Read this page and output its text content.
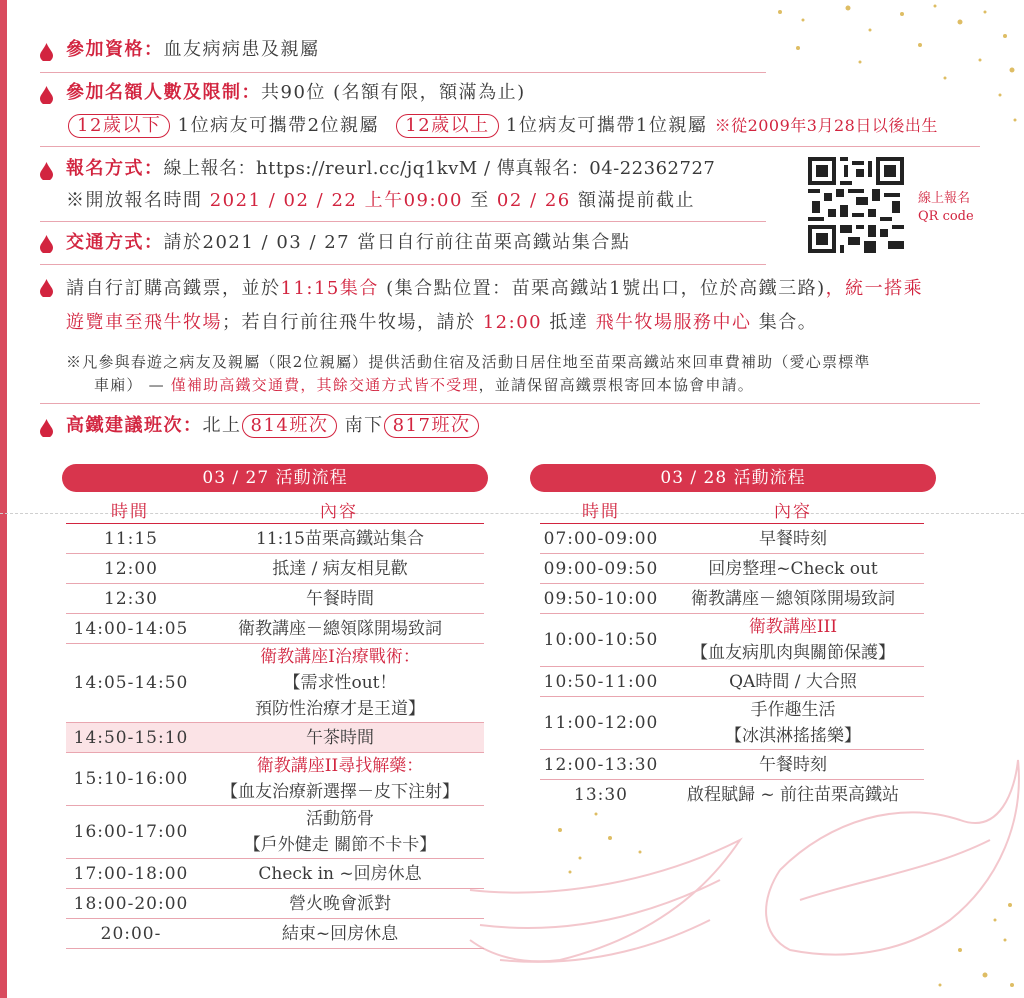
參加資格：血友病病患及親屬
參加名額人數及限制：共90位 (名額有限，額滿為止)
12歲以下 1位病友可攜帶2位親屬 12歲以上 1位病友可攜帶1位親屬 ※從2009年3月28日以後出生
報名方式：線上報名：https://reurl.cc/jq1kvM / 傳真報名：04-22362727
※開放報名時間 2021 / 02 / 22 上午09:00 至 02 / 26 額滿提前截止	線上報名
QR code
交通方式：請於2021 / 03 / 27 當日自行前往苗栗高鐵站集合點
請自行訂購高鐵票，並於11:15集合 (集合點位置：苗栗高鐵站1號出口，位於高鐵三路)，統一搭乘
遊覽車至飛牛牧場；若自行前往飛牛牧場，請於 12:00 抵達 飛牛牧場服務中心 集合。
※凡參與春遊之病友及親屬（限2位親屬）提供活動住宿及活動日居住地至苗栗高鐵站來回車費補助（愛心票標準
車廂） — 僅補助高鐵交通費，其餘交通方式皆不受理，並請保留高鐵票根寄回本協會申請。
高鐵建議班次：北上 814班次 南下 817班次
03 / 27 活動流程
時間	內容
11:15	11:15苗栗高鐵站集合

12:00	抵達 / 病友相見歡

12:30	午餐時間

14:00-14:05	衛教講座－總領隊開場致詞

14:05-14:50	衛教講座I治療戰術：
【需求性out！
預防性治療才是王道】

14:50-15:10	午茶時間

15:10-16:00	衛教講座II尋找解藥：
【血友治療新選擇－皮下注射】

16:00-17:00	活動筋骨
【戶外健走 關節不卡卡】

17:00-18:00	Check in ~回房休息

18:00-20:00	營火晚會派對

20:00-	結束~回房休息
03 / 28 活動流程
時間	內容
07:00-09:00	早餐時刻

09:00-09:50	回房整理~Check out

09:50-10:00	衛教講座－總領隊開場致詞

10:00-10:50	衛教講座III
【血友病肌肉與關節保護】

10:50-11:00	QA時間 / 大合照

11:00-12:00	手作趣生活
【冰淇淋搖搖樂】

12:00-13:30	午餐時刻

13:30	啟程賦歸 ~ 前往苗栗高鐵站
